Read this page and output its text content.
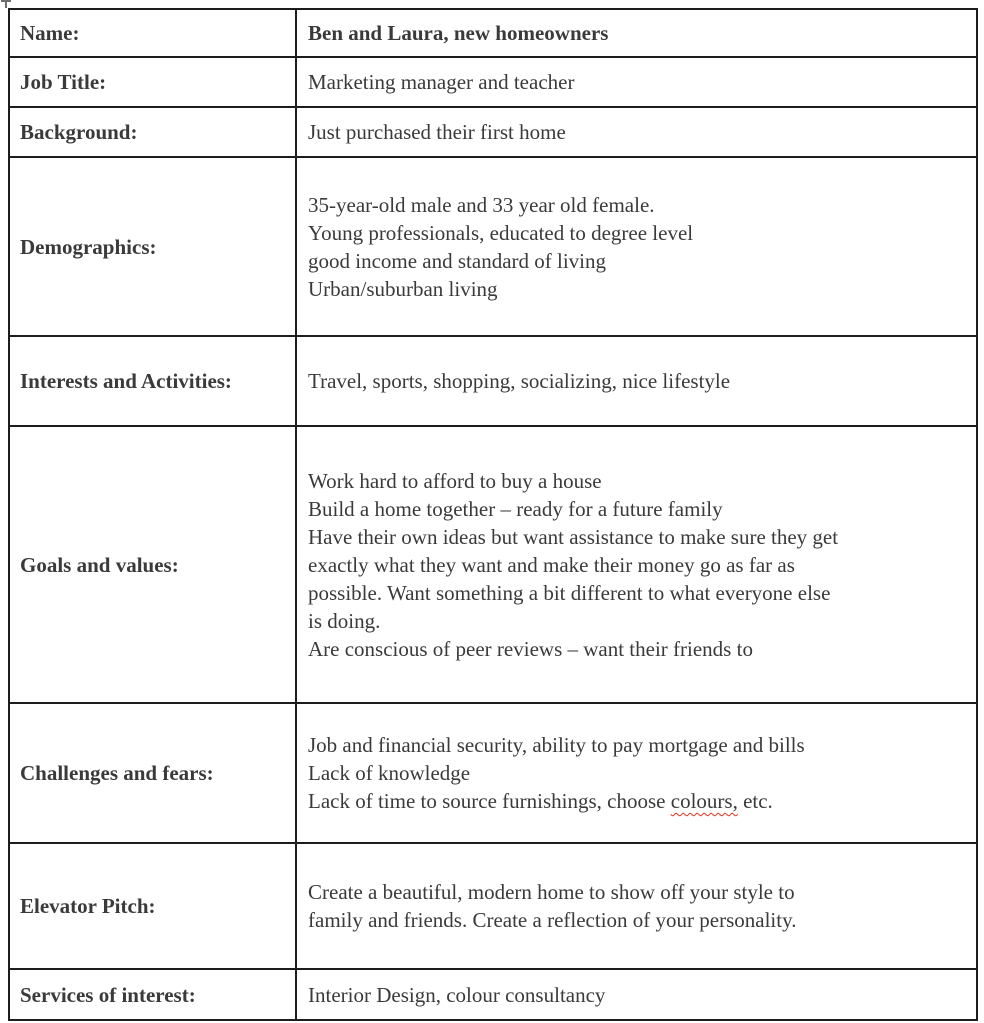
Name:	Ben and Laura, new homeowners

Job Title:	Marketing manager and teacher

Background:	Just purchased their first home

Demographics:	35-year-old male and 33 year old female.
Young professionals, educated to degree level
good income and standard of living
Urban/suburban living

Interests and Activities:	Travel, sports, shopping, socializing, nice lifestyle

Goals and values:	
Work hard to afford to buy a house
Build a home together – ready for a future family
Have their own ideas but want assistance to make sure they get
exactly what they want and make their money go as far as
possible. Want something a bit different to what everyone else
is doing.
Are conscious of peer reviews – want their friends to

Challenges and fears:	Job and financial security, ability to pay mortgage and bills
Lack of knowledge
Lack of time to source furnishings, choose colours, etc.

Elevator Pitch:	Create a beautiful, modern home to show off your style to
family and friends. Create a reflection of your personality.

Services of interest:	Interior Design, colour consultancy
